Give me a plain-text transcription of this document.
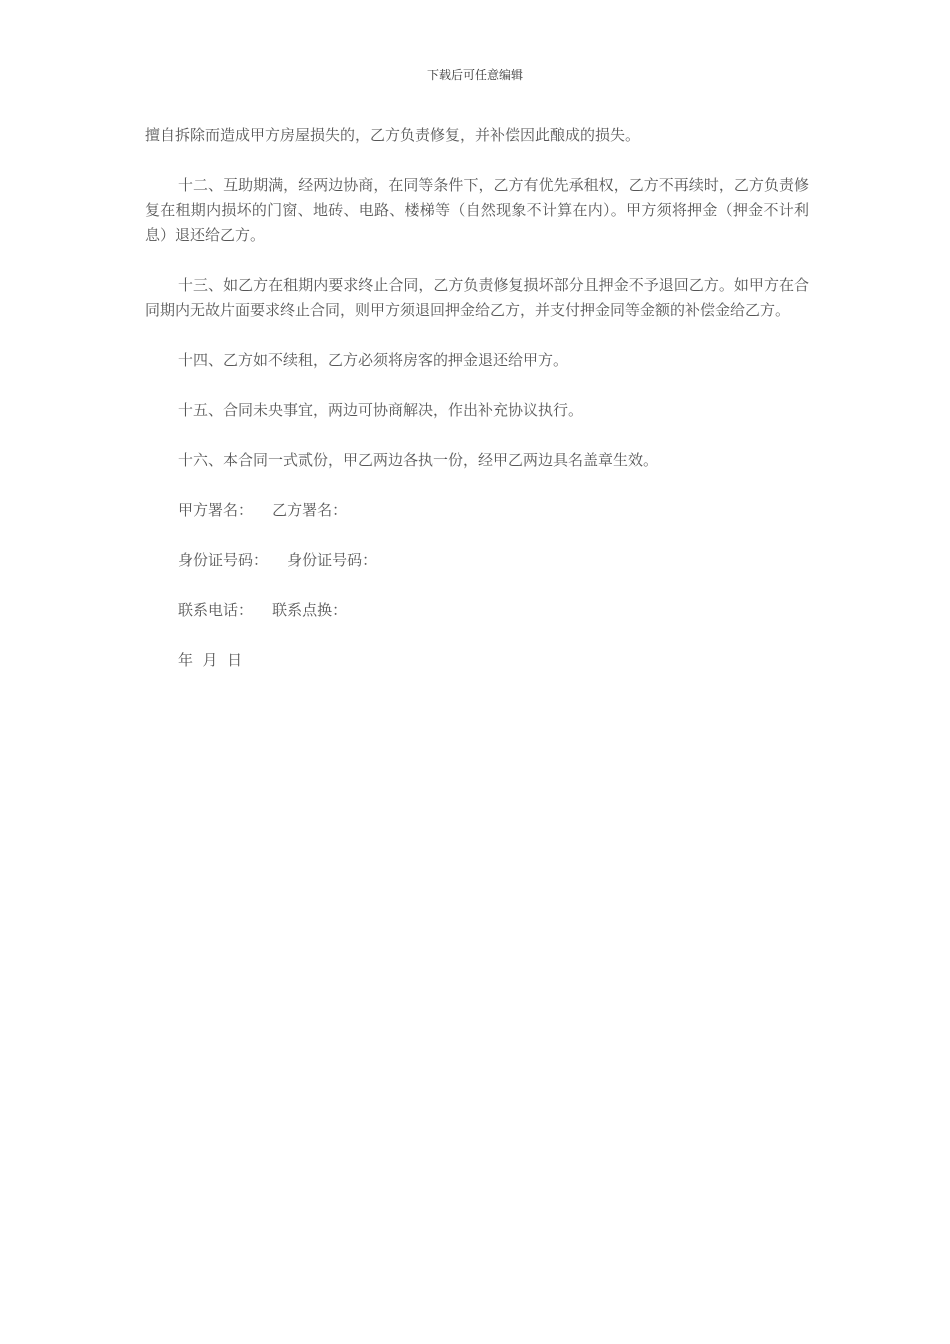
下载后可任意编辑

擅自拆除而造成甲方房屋损失的，乙方负责修复，并补偿因此酿成的损失。

十二、互助期满，经两边协商，在同等条件下，乙方有优先承租权，乙方不再续时，乙方负责修复在租期内损坏的门窗、地砖、电路、楼梯等（自然现象不计算在内）。甲方须将押金（押金不计利息）退还给乙方。

十三、如乙方在租期内要求终止合同，乙方负责修复损坏部分且押金不予退回乙方。如甲方在合同期内无故片面要求终止合同，则甲方须退回押金给乙方，并支付押金同等金额的补偿金给乙方。

十四、乙方如不续租，乙方必须将房客的押金退还给甲方。

十五、合同未央事宜，两边可协商解决，作出补充协议执行。

十六、本合同一式贰份，甲乙两边各执一份，经甲乙两边具名盖章生效。

甲方署名： 乙方署名：
身份证号码： 身份证号码：
联系电话： 联系点换：
年  月  日
